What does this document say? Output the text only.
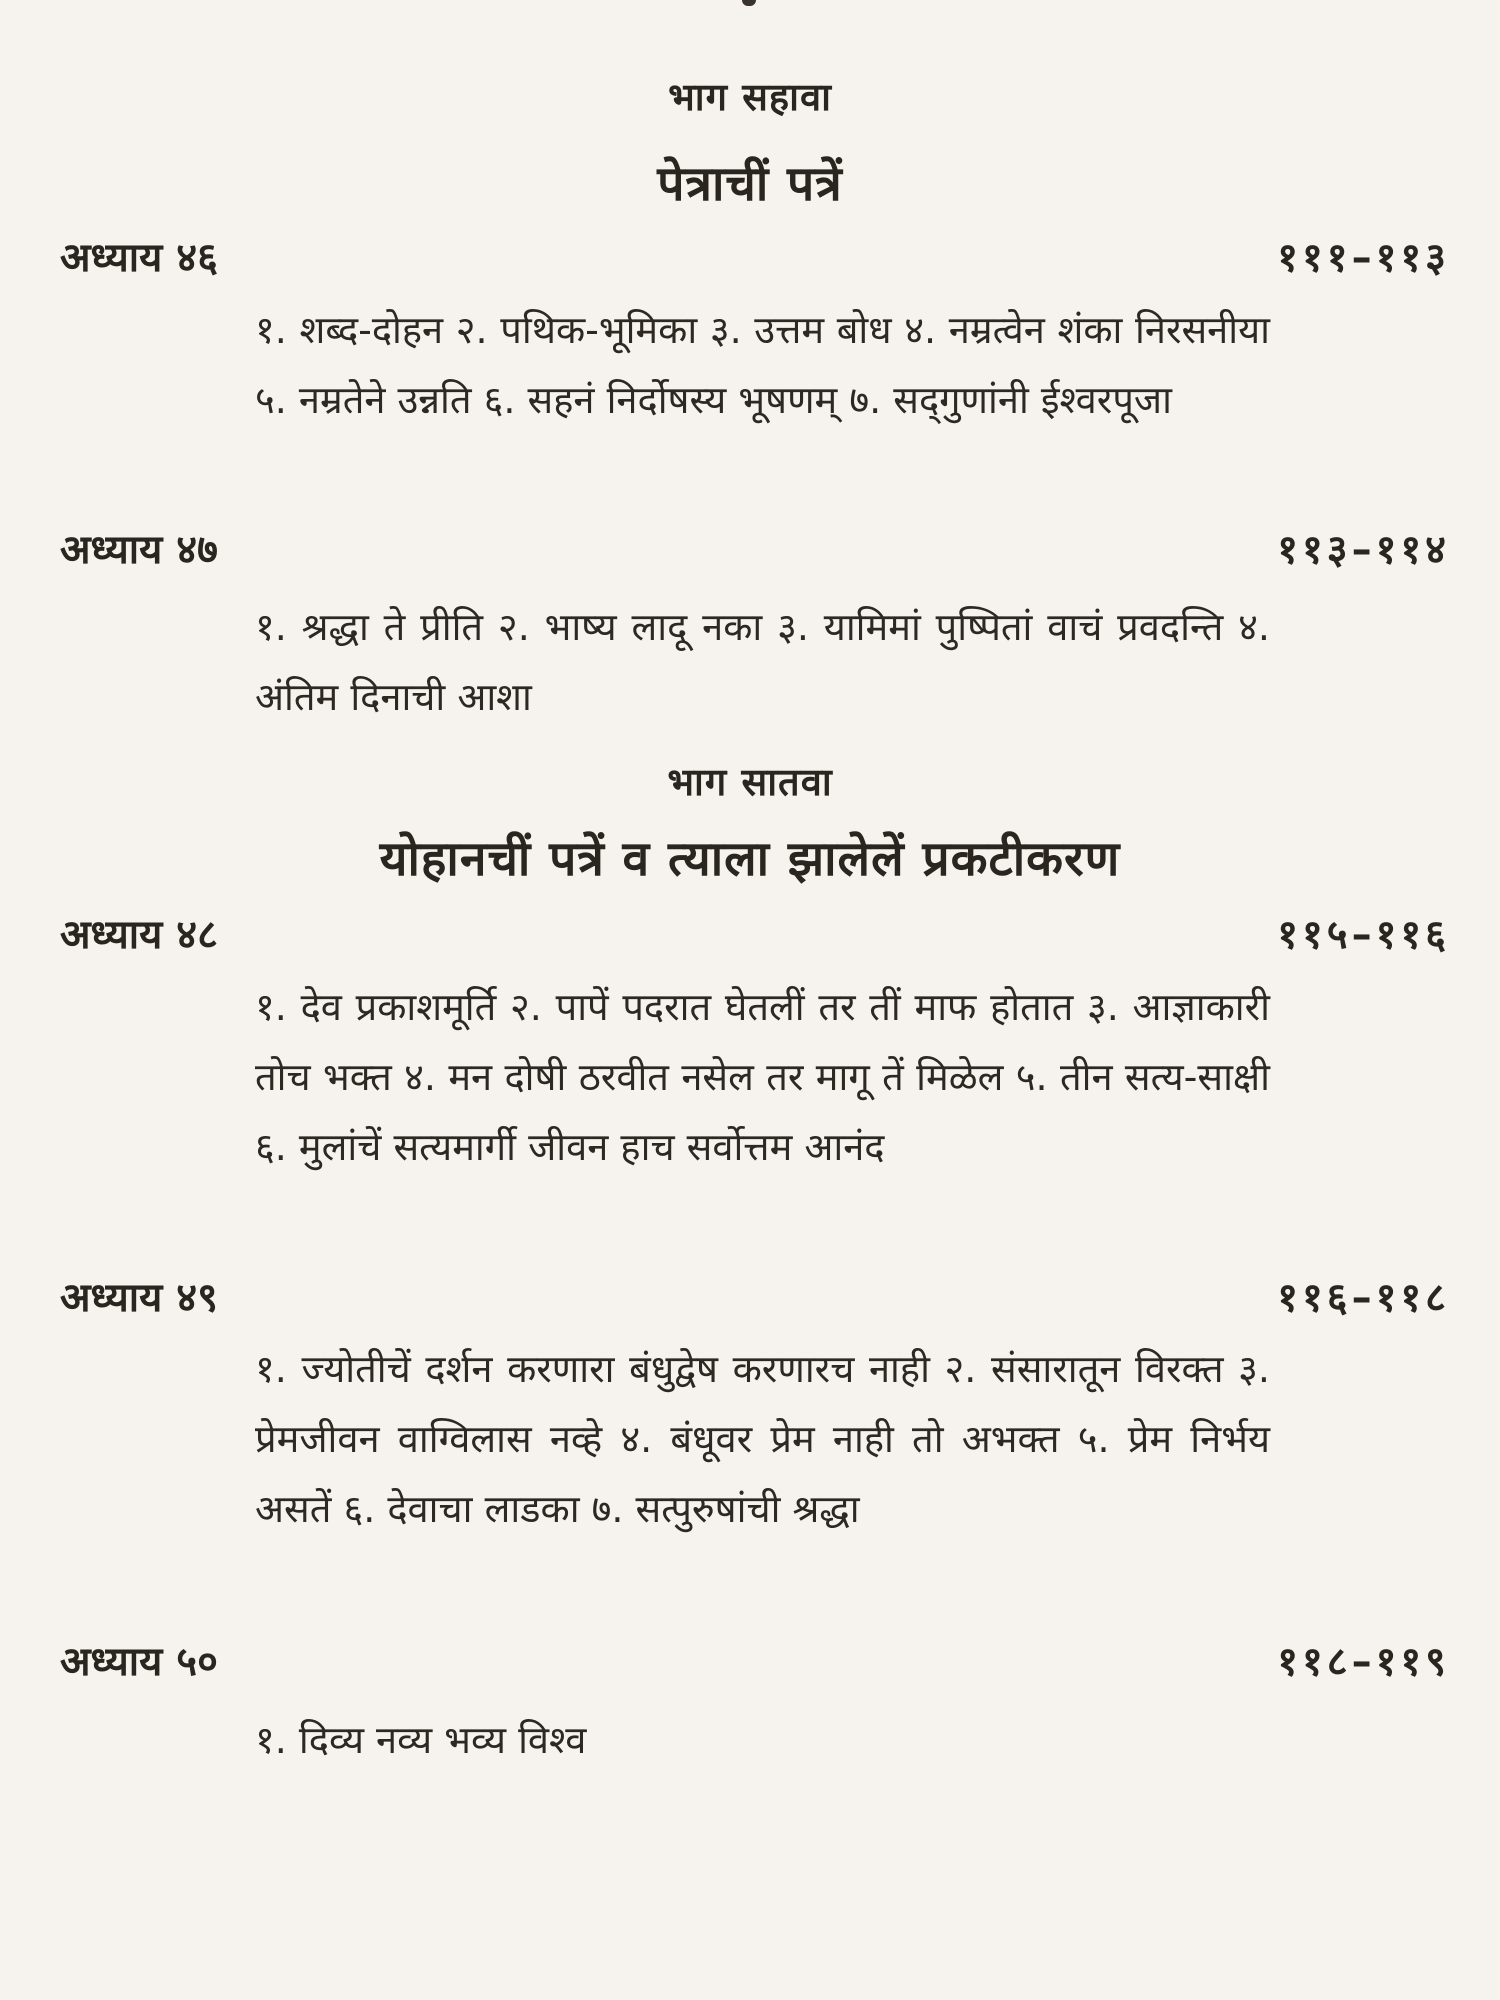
भाग सहावा
पेत्राचीं पत्रें
अध्याय ४६	१११–११३
१. शब्द-दोहन २. पथिक-भूमिका ३. उत्तम बोध ४. नम्रत्वेन शंका निरसनीया ५. नम्रतेने उन्नति ६. सहनं निर्दोषस्य भूषणम् ७. सद्‌गुणांनी ईश्वरपूजा
अध्याय ४७	११३–११४
१. श्रद्धा ते प्रीति २. भाष्य लादू नका ३. यामिमां पुष्पितां वाचं प्रवदन्ति ४. अंतिम दिनाची आशा
भाग सातवा
योहानचीं पत्रें व त्याला झालेलें प्रकटीकरण
अध्याय ४८	११५–११६
१. देव प्रकाशमूर्ति २. पापें पदरात घेतलीं तर तीं माफ होतात ३. आज्ञाकारी तोच भक्त ४. मन दोषी ठरवीत नसेल तर मागू तें मिळेल ५. तीन सत्य-साक्षी ६. मुलांचें सत्यमार्गी जीवन हाच सर्वोत्तम आनंद
अध्याय ४९	११६–११८
१. ज्योतीचें दर्शन करणारा बंधुद्वेष करणारच नाही २. संसारातून विरक्त ३. प्रेमजीवन वाग्विलास नव्हे ४. बंधूवर प्रेम नाही तो अभक्त ५. प्रेम निर्भय असतें ६. देवाचा लाडका ७. सत्पुरुषांची श्रद्धा
अध्याय ५०	११८–११९
१. दिव्य नव्य भव्य विश्व
